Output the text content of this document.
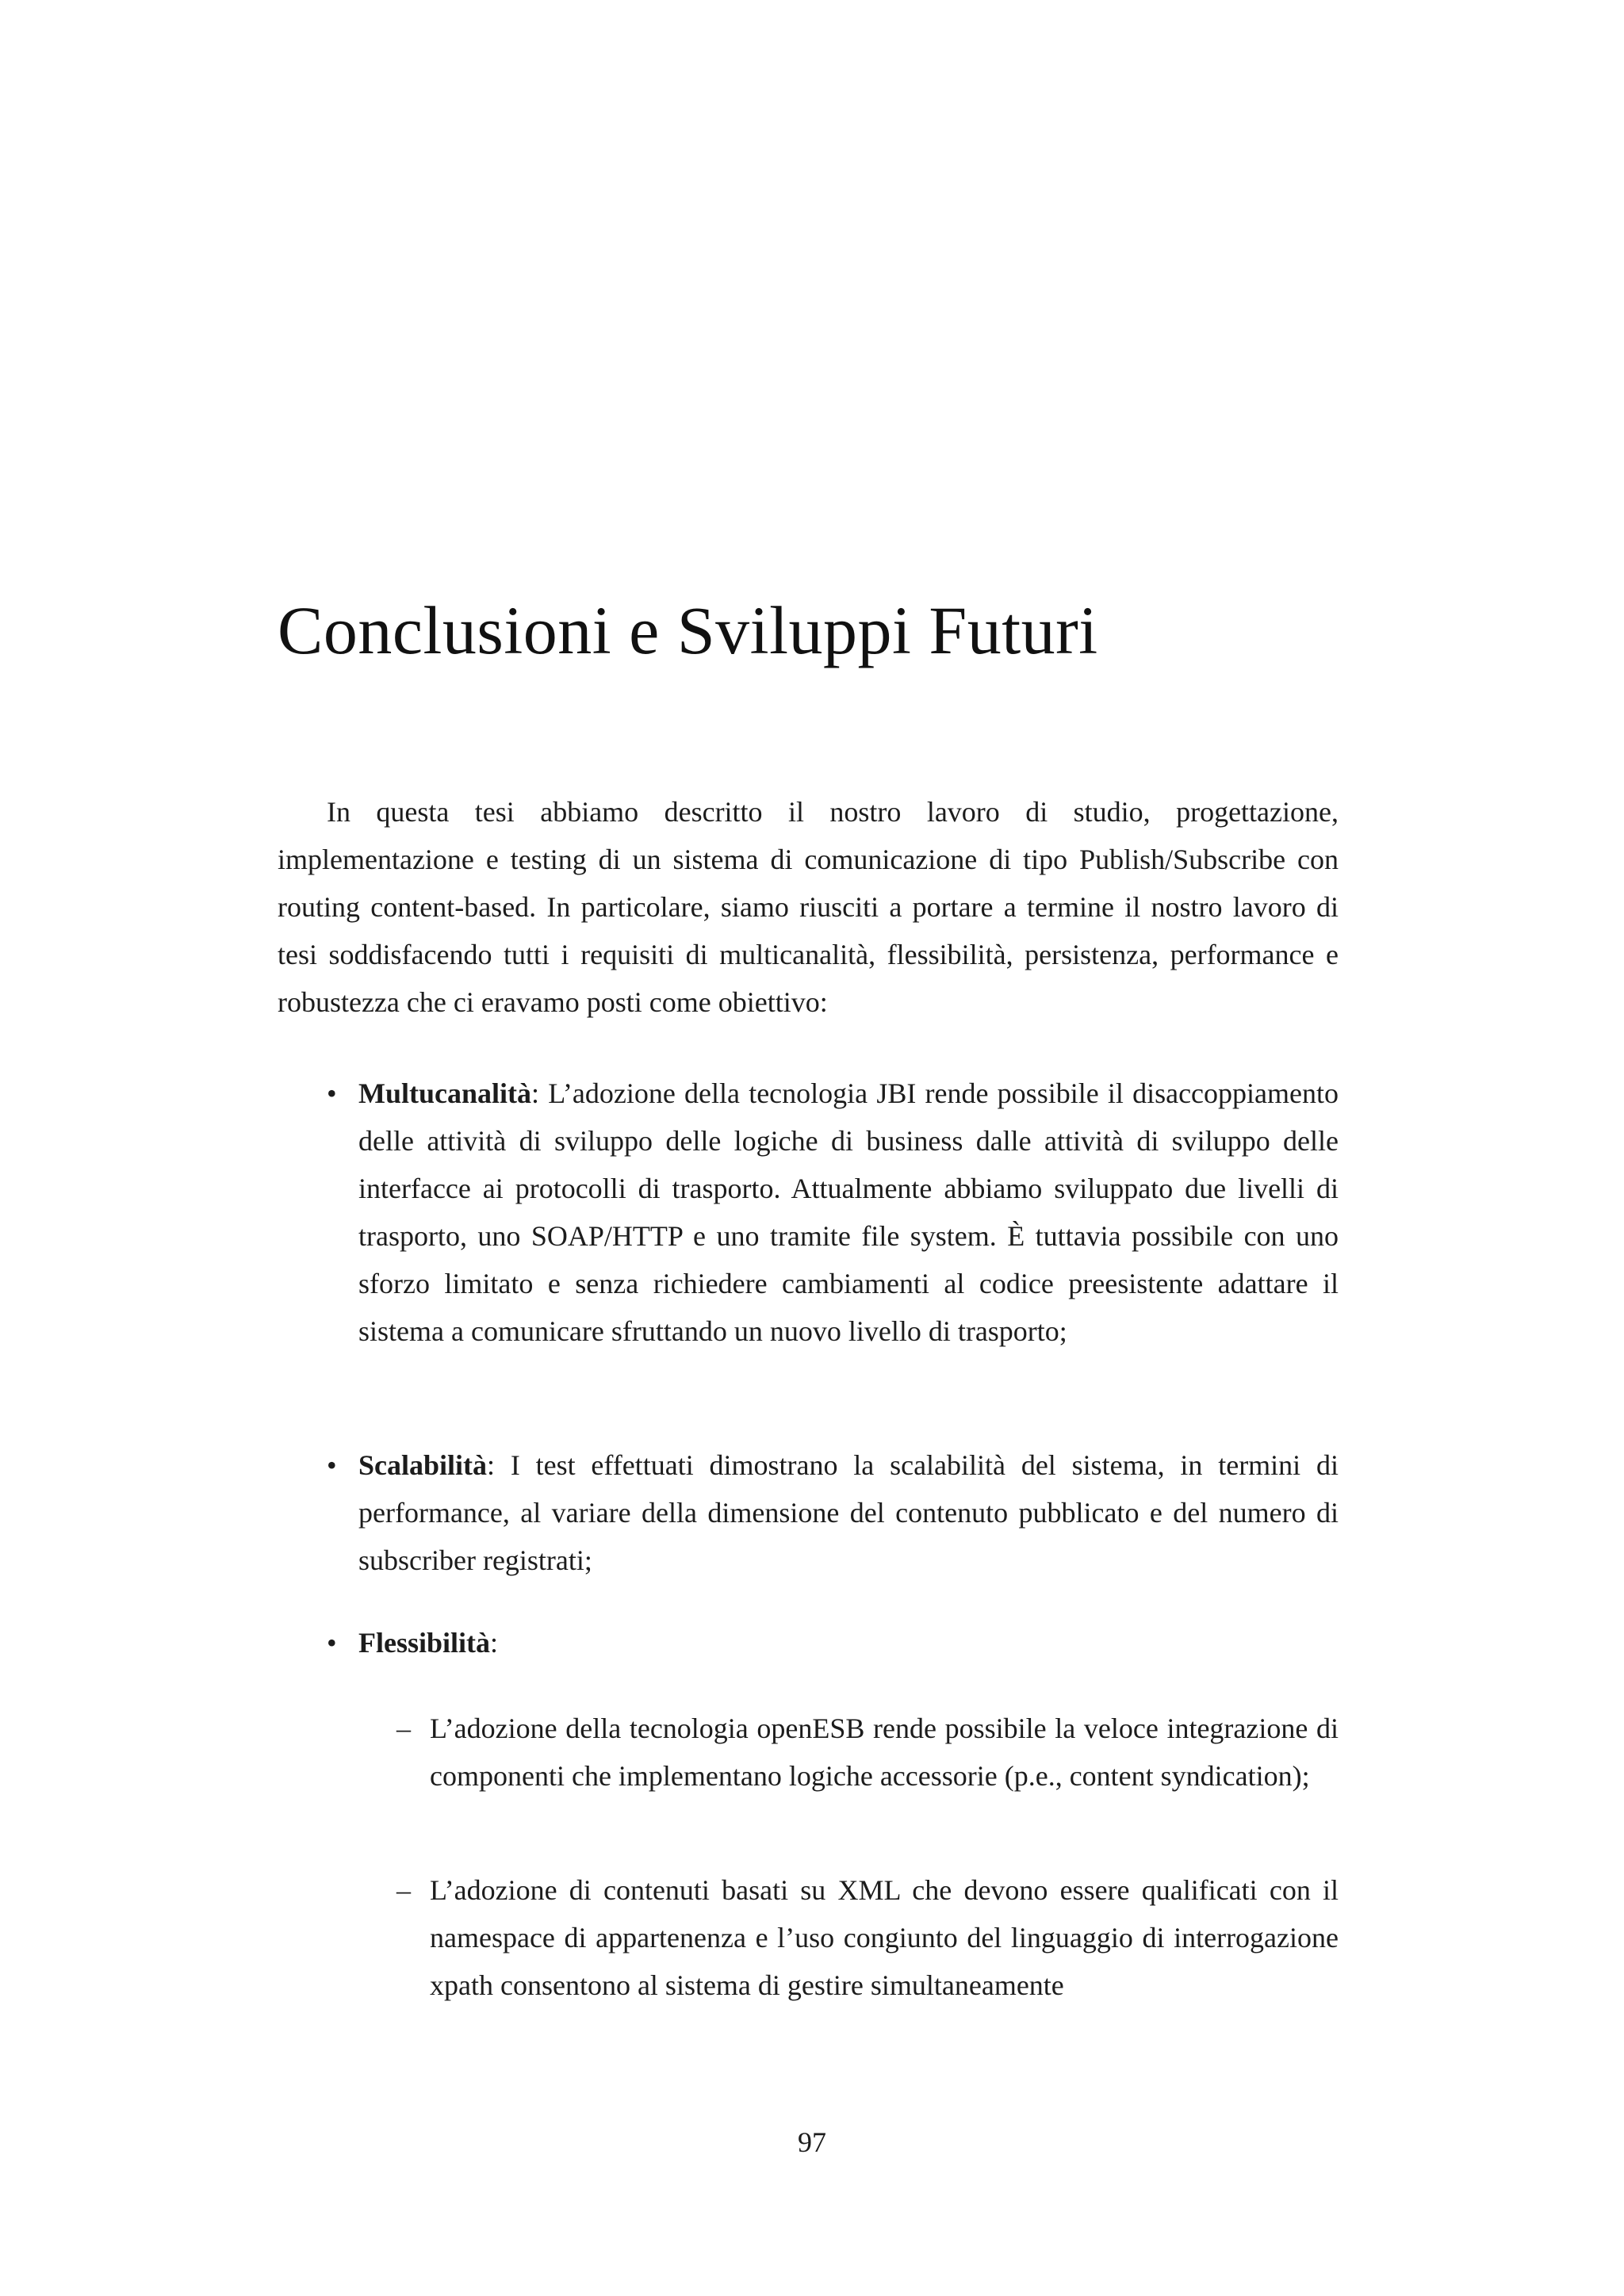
Conclusioni e Sviluppi Futuri

In questa tesi abbiamo descritto il nostro lavoro di studio, progettazione, implementazione e testing di un sistema di comunicazione di tipo Publish/Subscribe con routing content-based. In particolare, siamo riusciti a portare a termine il nostro lavoro di tesi soddisfacendo tutti i requisiti di multicanalità, flessibilità, persistenza, performance e robustezza che ci eravamo posti come obiettivo:

• Multucanalità: L’adozione della tecnologia JBI rende possibile il disaccoppiamento delle attività di sviluppo delle logiche di business dalle attività di sviluppo delle interfacce ai protocolli di trasporto. Attualmente abbiamo sviluppato due livelli di trasporto, uno SOAP/HTTP e uno tramite file system. È tuttavia possibile con uno sforzo limitato e senza richiedere cambiamenti al codice preesistente adattare il sistema a comunicare sfruttando un nuovo livello di trasporto;
• Scalabilità: I test effettuati dimostrano la scalabilità del sistema, in termini di performance, al variare della dimensione del contenuto pubblicato e del numero di subscriber registrati;
• Flessibilità:
– L’adozione della tecnologia openESB rende possibile la veloce integrazione di componenti che implementano logiche accessorie (p.e., content syndication);
– L’adozione di contenuti basati su XML che devono essere qualificati con il namespace di appartenenza e l’uso congiunto del linguaggio di interrogazione xpath consentono al sistema di gestire simultaneamente
97
